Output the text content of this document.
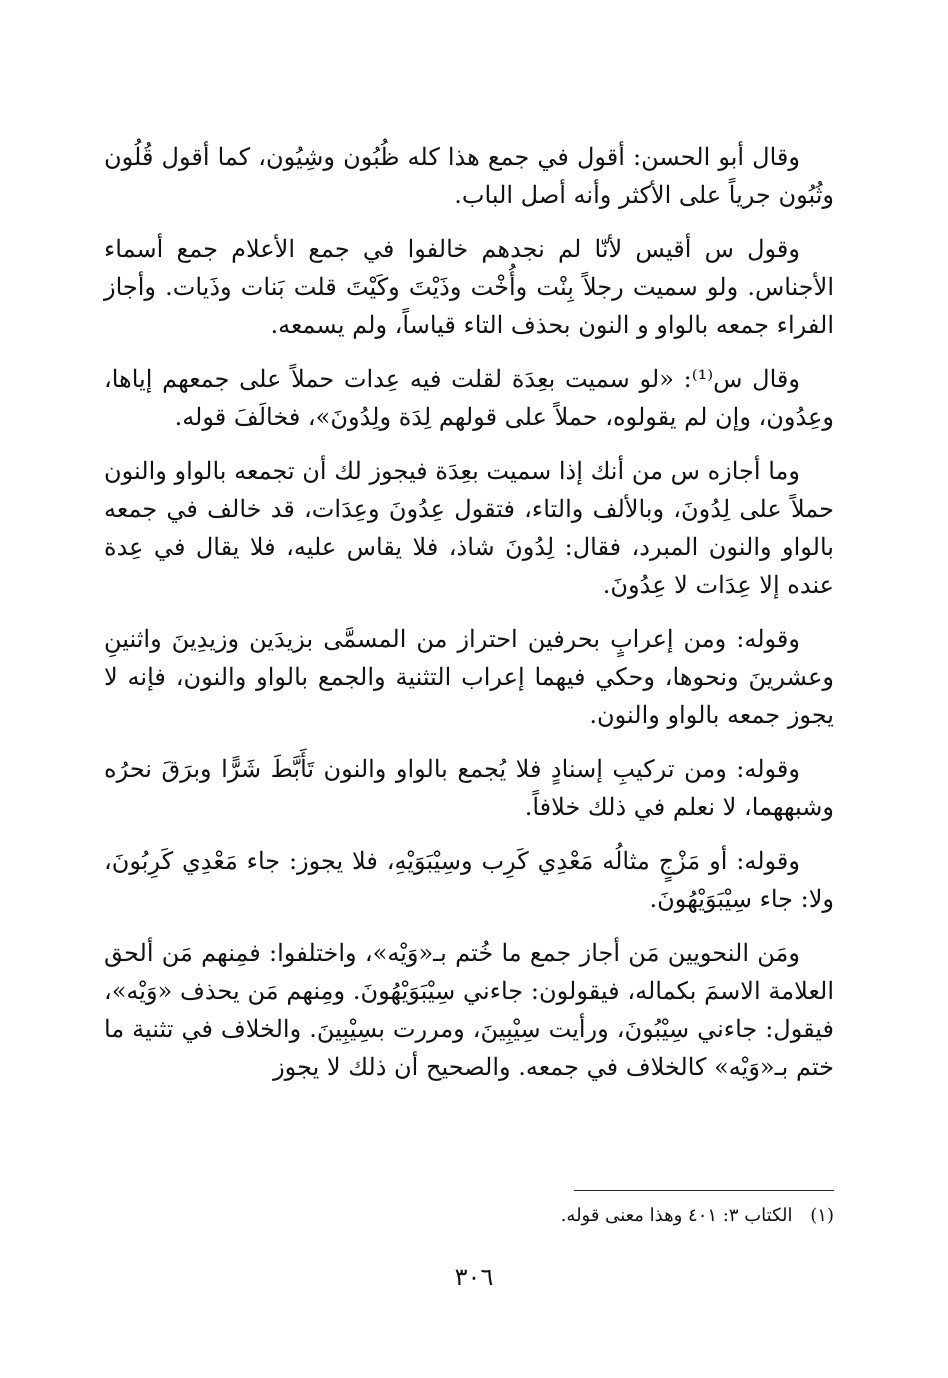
وقال أبو الحسن: أقول في جمع هذا كله ظُبُون وشِيُون، كما أقول قُلُون وثُبُون جرياً على الأكثر وأنه أصل الباب.

وقول س أقيس لأنّا لم نجدهم خالفوا في جمع الأعلام جمع أسماء الأجناس. ولو سميت رجلاً بِنْت وأُخْت وذَيْتَ وكَيْتَ قلت بَنات وذَيات. وأجاز الفراء جمعه بالواو و النون بحذف التاء قياساً، ولم يسمعه.

وقال س⁽¹⁾: «لو سميت بعِدَة لقلت فيه عِدات حملاً على جمعهم إياها، وعِدُون، وإن لم يقولوه، حملاً على قولهم لِدَة ولِدُونَ»، فخالَفَ قوله.

وما أجازه س من أنك إذا سميت بعِدَة فيجوز لك أن تجمعه بالواو والنون حملاً على لِدُونَ، وبالألف والتاء، فتقول عِدُونَ وعِدَات، قد خالف في جمعه بالواو والنون المبرد، فقال: لِدُونَ شاذ، فلا يقاس عليه، فلا يقال في عِدة عنده إلا عِدَات لا عِدُونَ.

وقوله: ومن إعرابٍ بحرفين احتراز من المسمَّى بزيدَين وزيدِينَ واثنينِ وعشرينَ ونحوها، وحكي فيهما إعراب التثنية والجمع بالواو والنون، فإنه لا يجوز جمعه بالواو والنون.

وقوله: ومن تركيبِ إسنادٍ فلا يُجمع بالواو والنون تَأَبَّطَ شَرًّا وبرَقَ نحرُه وشبههما، لا نعلم في ذلك خلافاً.

وقوله: أو مَزْجٍ مثالُه مَعْدِي كَرِب وسِيْبَوَيْهِ، فلا يجوز: جاء مَعْدِي كَرِبُونَ، ولا: جاء سِيْبَوَيْهُونَ.

ومَن النحويين مَن أجاز جمع ما خُتم بـ«وَيْه»، واختلفوا: فمِنهم مَن ألحق العلامة الاسمَ بكماله، فيقولون: جاءني سِيْبَوَيْهُونَ. ومِنهم مَن يحذف «وَيْه»، فيقول: جاءني سِيْبُونَ، ورأيت سِيْبِينَ، ومررت بسِيْبِينَ. والخلاف في تثنية ما ختم بـ«وَيْه» كالخلاف في جمعه. والصحيح أن ذلك لا يجوز

(١) الكتاب ٣: ٤٠١ وهذا معنى قوله.
٣٠٦
